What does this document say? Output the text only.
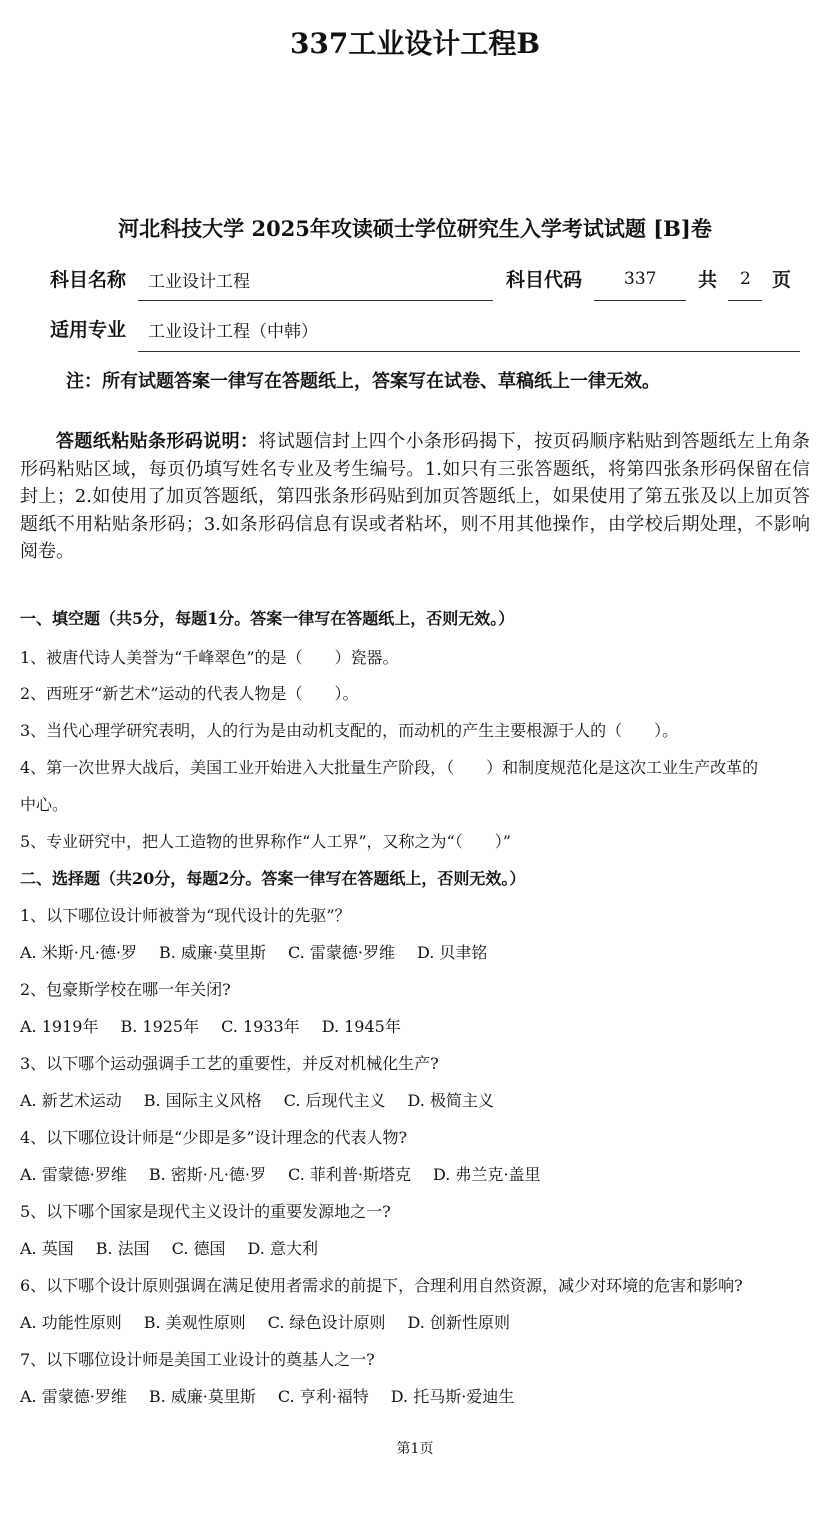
337工业设计工程B
河北科技大学 2025年攻读硕士学位研究生入学考试试题 [B]卷
科目名称 工业设计工程	科目代码 337 共 2 页
适用专业 工业设计工程（中韩）
注：所有试题答案一律写在答题纸上，答案写在试卷、草稿纸上一律无效。
答题纸粘贴条形码说明：将试题信封上四个小条形码揭下，按页码顺序粘贴到答题纸左上角条形码粘贴区域，每页仍填写姓名专业及考生编号。1.如只有三张答题纸，将第四张条形码保留在信封上；2.如使用了加页答题纸，第四张条形码贴到加页答题纸上，如果使用了第五张及以上加页答题纸不用粘贴条形码；3.如条形码信息有误或者粘坏，则不用其他操作，由学校后期处理，不影响阅卷。
一、填空题（共5分，每题1分。答案一律写在答题纸上，否则无效。）
1、被唐代诗人美誉为“千峰翠色”的是（　　）瓷器。
2、西班牙“新艺术”运动的代表人物是（　　）。
3、当代心理学研究表明，人的行为是由动机支配的，而动机的产生主要根源于人的（　　）。
4、第一次世界大战后，美国工业开始进入大批量生产阶段，（　　）和制度规范化是这次工业生产改革的
中心。
5、专业研究中，把人工造物的世界称作“人工界”，又称之为“（　　）”
二、选择题（共20分，每题2分。答案一律写在答题纸上，否则无效。）
1、以下哪位设计师被誉为“现代设计的先驱”？
A. 米斯·凡·德·罗 B. 威廉·莫里斯 C. 雷蒙德·罗维 D. 贝聿铭
2、包豪斯学校在哪一年关闭?
A. 1919年 B. 1925年 C. 1933年 D. 1945年
3、以下哪个运动强调手工艺的重要性，并反对机械化生产?
A. 新艺术运动 B. 国际主义风格 C. 后现代主义 D. 极简主义
4、以下哪位设计师是“少即是多”设计理念的代表人物?
A. 雷蒙德·罗维 B. 密斯·凡·德·罗 C. 菲利普·斯塔克 D. 弗兰克·盖里
5、以下哪个国家是现代主义设计的重要发源地之一?
A. 英国 B. 法国 C. 德国 D. 意大利
6、以下哪个设计原则强调在满足使用者需求的前提下，合理利用自然资源，减少对环境的危害和影响?
A. 功能性原则 B. 美观性原则 C. 绿色设计原则 D. 创新性原则
7、以下哪位设计师是美国工业设计的奠基人之一?
A. 雷蒙德·罗维 B. 威廉·莫里斯 C. 亨利·福特 D. 托马斯·爱迪生
第1页
